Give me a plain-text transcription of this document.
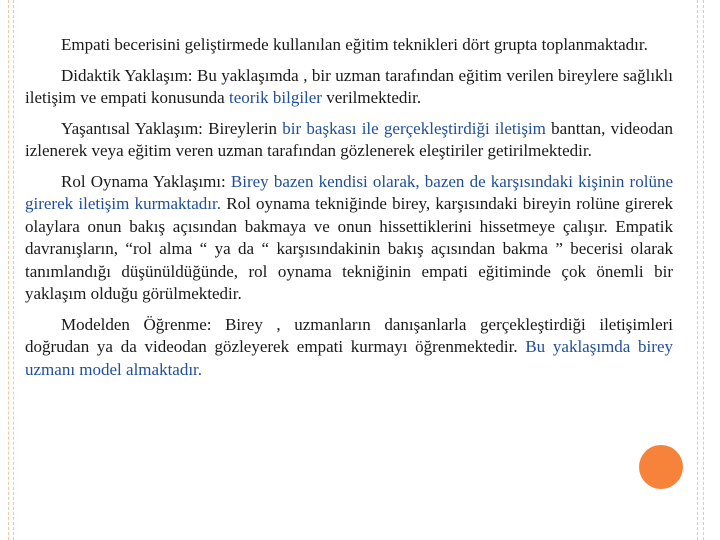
Empati becerisini geliştirmede kullanılan eğitim teknikleri dört grupta toplanmaktadır.

Didaktik Yaklaşım: Bu yaklaşımda , bir uzman tarafından eğitim verilen bireylere sağlıklı iletişim ve empati konusunda teorik bilgiler verilmektedir.

Yaşantısal Yaklaşım: Bireylerin bir başkası ile gerçekleştirdiği iletişim banttan, videodan izlenerek veya eğitim veren uzman tarafından gözlenerek eleştiriler getirilmektedir.

Rol Oynama Yaklaşımı: Birey bazen kendisi olarak, bazen de karşısındaki kişinin rolüne girerek iletişim kurmaktadır. Rol oynama tekniğinde birey, karşısındaki bireyin rolüne girerek olaylara onun bakış açısından bakmaya ve onun hissettiklerini hissetmeye çalışır. Empatik davranışların, “rol alma “ ya da “ karşısındakinin bakış açısından bakma ” becerisi olarak tanımlandığı düşünüldüğünde, rol oynama tekniğinin empati eğitiminde çok önemli bir yaklaşım olduğu görülmektedir.

Modelden Öğrenme: Birey , uzmanların danışanlarla gerçekleştirdiği iletişimleri doğrudan ya da videodan gözleyerek empati kurmayı öğrenmektedir. Bu yaklaşımda birey uzmanı model almaktadır.
